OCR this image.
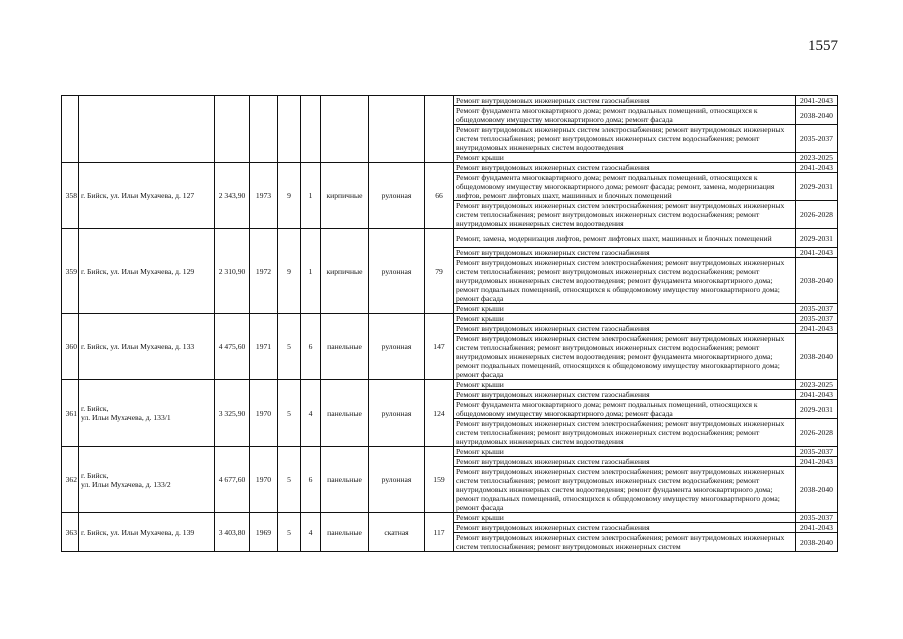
1557
									Ремонт внутридомовых инженерных систем газоснабжения	2041-2043
									Ремонт фундамента многоквартирного дома; ремонт подвальных помещений, относящихся к общедомовому имуществу многоквартирного дома; ремонт фасада	2038-2040
									Ремонт внутридомовых инженерных систем электроснабжения; ремонт внутридомовых инженерных систем теплоснабжения; ремонт внутридомовых инженерных систем водоснабжения; ремонт внутридомовых инженерных систем водоотведения	2035-2037
									Ремонт крыши	2023-2025
358	г. Бийск, ул. Ильи Мухачева, д. 127	2 343,90	1973	9	1	кирпичные	рулонная	66	Ремонт внутридомовых инженерных систем газоснабжения	2041-2043
									Ремонт фундамента многоквартирного дома; ремонт подвальных помещений, относящихся к общедомовому имуществу многоквартирного дома; ремонт фасада; ремонт, замена, модернизация лифтов, ремонт лифтовых шахт, машинных и блочных помещений	2029-2031
									Ремонт внутридомовых инженерных систем электроснабжения; ремонт внутридомовых инженерных систем теплоснабжения; ремонт внутридомовых инженерных систем водоснабжения; ремонт внутридомовых инженерных систем водоотведения	2026-2028
359	г. Бийск, ул. Ильи Мухачева, д. 129	2 310,90	1972	9	1	кирпичные	рулонная	79	Ремонт, замена, модернизация лифтов, ремонт лифтовых шахт, машинных и блочных помещений	2029-2031
									Ремонт внутридомовых инженерных систем газоснабжения	2041-2043
									Ремонт внутридомовых инженерных систем электроснабжения; ремонт внутридомовых инженерных систем теплоснабжения; ремонт внутридомовых инженерных систем водоснабжения; ремонт внутридомовых инженерных систем водоотведения; ремонт фундамента многоквартирного дома; ремонт подвальных помещений, относящихся к общедомовому имуществу многоквартирного дома; ремонт фасада	2038-2040
									Ремонт крыши	2035-2037
360	г. Бийск, ул. Ильи Мухачева, д. 133	4 475,60	1971	5	6	панельные	рулонная	147	Ремонт крыши	2035-2037
									Ремонт внутридомовых инженерных систем газоснабжения	2041-2043
									Ремонт внутридомовых инженерных систем электроснабжения; ремонт внутридомовых инженерных систем теплоснабжения; ремонт внутридомовых инженерных систем водоснабжения; ремонт внутридомовых инженерных систем водоотведения; ремонт фундамента многоквартирного дома; ремонт подвальных помещений, относящихся к общедомовому имуществу многоквартирного дома; ремонт фасада	2038-2040
361	г. Бийск,
ул. Ильи Мухачева, д. 133/1	3 325,90	1970	5	4	панельные	рулонная	124	Ремонт крыши	2023-2025
									Ремонт внутридомовых инженерных систем газоснабжения	2041-2043
									Ремонт фундамента многоквартирного дома; ремонт подвальных помещений, относящихся к общедомовому имуществу многоквартирного дома; ремонт фасада	2029-2031
									Ремонт внутридомовых инженерных систем электроснабжения; ремонт внутридомовых инженерных систем теплоснабжения; ремонт внутридомовых инженерных систем водоснабжения; ремонт внутридомовых инженерных систем водоотведения	2026-2028
362	г. Бийск,
ул. Ильи Мухачева, д. 133/2	4 677,60	1970	5	6	панельные	рулонная	159	Ремонт крыши	2035-2037
									Ремонт внутридомовых инженерных систем газоснабжения	2041-2043
									Ремонт внутридомовых инженерных систем электроснабжения; ремонт внутридомовых инженерных систем теплоснабжения; ремонт внутридомовых инженерных систем водоснабжения; ремонт внутридомовых инженерных систем водоотведения; ремонт фундамента многоквартирного дома; ремонт подвальных помещений, относящихся к общедомовому имуществу многоквартирного дома; ремонт фасада	2038-2040
363	г. Бийск, ул. Ильи Мухачева, д. 139	3 403,80	1969	5	4	панельные	скатная	117	Ремонт крыши	2035-2037
									Ремонт внутридомовых инженерных систем газоснабжения	2041-2043
									Ремонт внутридомовых инженерных систем электроснабжения; ремонт внутридомовых инженерных систем теплоснабжения; ремонт внутридомовых инженерных систем	2038-2040
